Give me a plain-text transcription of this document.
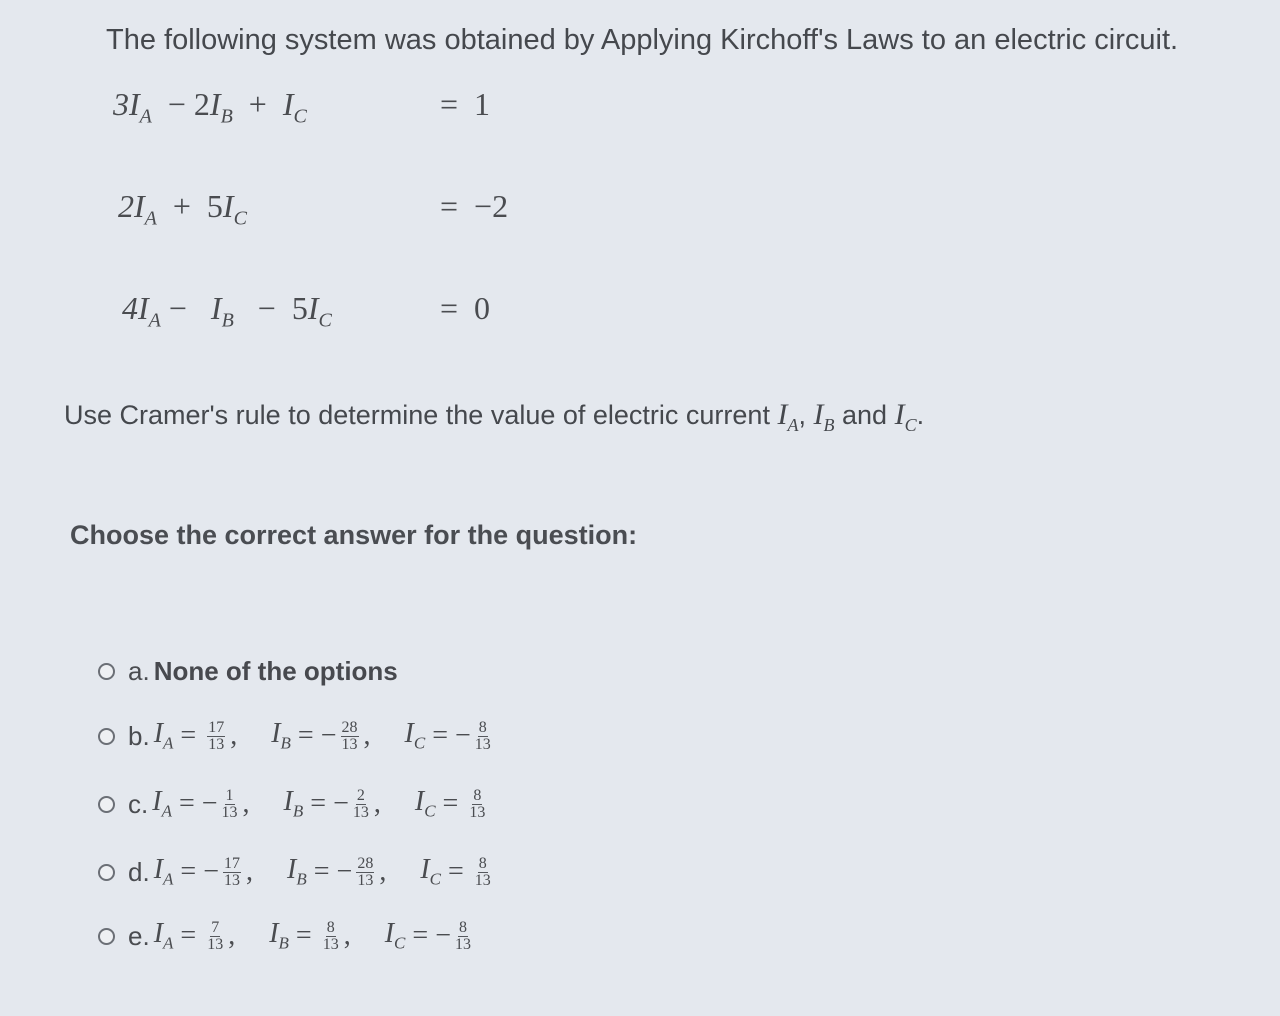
The following system was obtained by Applying Kirchoff's Laws to an electric circuit.
$3I_A - 2I_B + I_C$	=  1
$2I_A + 5I_C$	=  −2
$4I_A - I_B - 5I_C$	=  0
Use Cramer's rule to determine the value of electric current $I_A$, $I_B$ and $I_C$.
Choose the correct answer for the question:
a. None of the options
b. $I_A = \frac{17}{13}$ , $I_B$ = − $\frac{28}{13}$ , $I_C$ = − $\frac{8}{13}$
c. $I_A$ = − $\frac{1}{13}$ , $I_B$ = − $\frac{2}{13}$ , $I_C = \frac{8}{13}$
d. $I_A$ = − $\frac{17}{13}$ , $I_B$ = − $\frac{28}{13}$ , $I_C = \frac{8}{13}$
e. $I_A = \frac{7}{13}$ , $I_B = \frac{8}{13}$ , $I_C$ = − $\frac{8}{13}$
